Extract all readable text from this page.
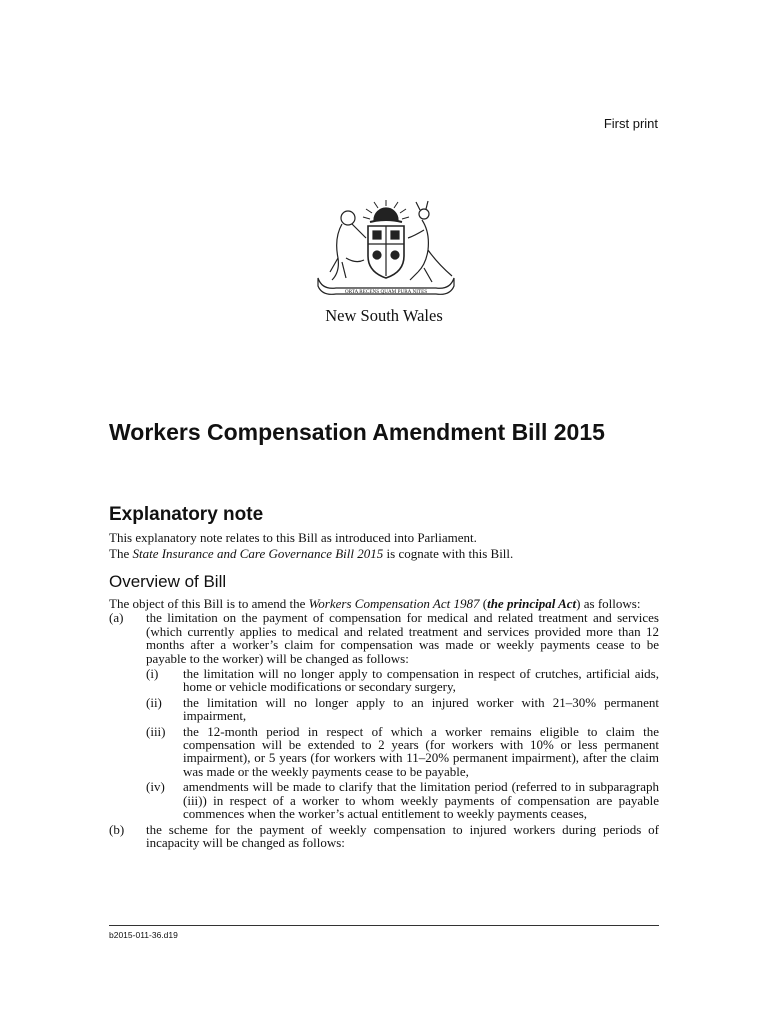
First print
ORTA RECENS QUAM PURA NITES
New South Wales
Workers Compensation Amendment Bill 2015
Explanatory note

This explanatory note relates to this Bill as introduced into Parliament.

The State Insurance and Care Governance Bill 2015 is cognate with this Bill.

Overview of Bill

The object of this Bill is to amend the Workers Compensation Act 1987 (the principal Act) as follows:

(a) the limitation on the payment of compensation for medical and related treatment and services (which currently applies to medical and related treatment and services provided more than 12 months after a worker’s claim for compensation was made or weekly payments cease to be payable to the worker) will be changed as follows:
(i) the limitation will no longer apply to compensation in respect of crutches, artificial aids, home or vehicle modifications or secondary surgery,
(ii) the limitation will no longer apply to an injured worker with 21–30% permanent impairment,
(iii) the 12-month period in respect of which a worker remains eligible to claim the compensation will be extended to 2 years (for workers with 10% or less permanent impairment), or 5 years (for workers with 11–20% permanent impairment), after the claim was made or the weekly payments cease to be payable,
(iv) amendments will be made to clarify that the limitation period (referred to in subparagraph (iii)) in respect of a worker to whom weekly payments of compensation are payable commences when the worker’s actual entitlement to weekly payments ceases,
(b) the scheme for the payment of weekly compensation to injured workers during periods of incapacity will be changed as follows:
b2015-011-36.d19
